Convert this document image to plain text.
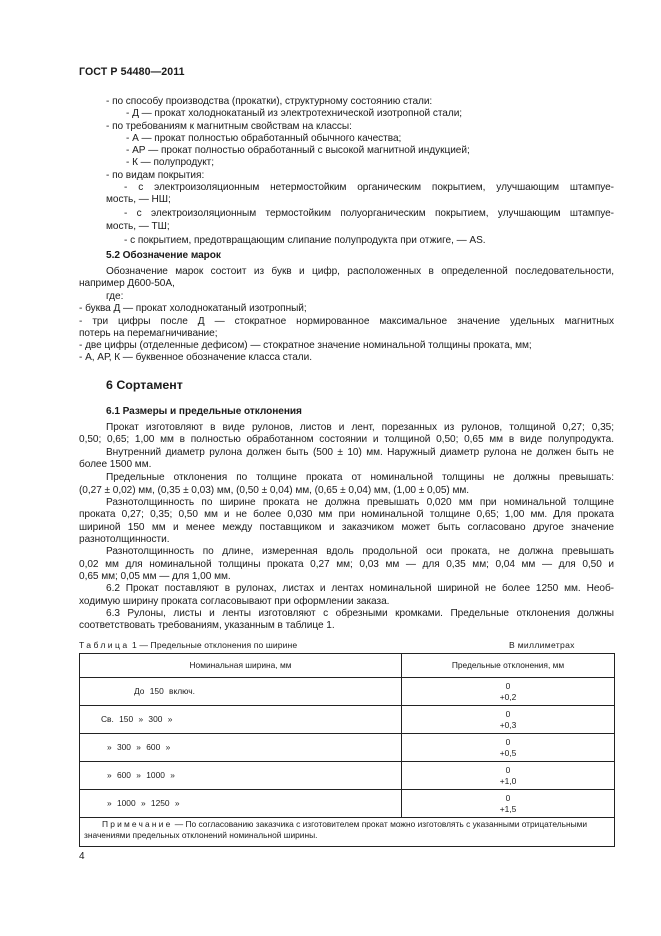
ГОСТ Р 54480—2011
- по способу производства (прокатки), структурному состоянию стали:
- Д — прокат холоднокатаный из электротехнической изотропной стали;
- по требованиям к магнитным свойствам на классы:
- А — прокат полностью обработанный обычного качества;
- АР — прокат полностью обработанный с высокой магнитной индукцией;
- К — полупродукт;
- по видам покрытия:
- с электроизоляционным нетермостойким органическим покрытием, улучшающим штампуе-
мость, — НШ;
- с электроизоляционным термостойким полуорганическим покрытием, улучшающим штампуе-
мость, — ТШ;
- с покрытием, предотвращающим слипание полупродукта при отжиге, — AS.
5.2 Обозначение марок
Обозначение марок состоит из букв и цифр, расположенных в определенной последовательности,
например Д600-50А,
где:
- буква Д — прокат холоднокатаный изотропный;
- три цифры после Д — стократное нормированное максимальное значение удельных магнитных
потерь на перемагничивание;
- две цифры (отделенные дефисом) — стократное значение номинальной толщины проката, мм;
- А, АР, К — буквенное обозначение класса стали.
6 Сортамент
6.1 Размеры и предельные отклонения
Прокат изготовляют в виде рулонов, листов и лент, порезанных из рулонов, толщиной 0,27; 0,35;
0,50; 0,65; 1,00 мм в полностью обработанном состоянии и толщиной 0,50; 0,65 мм в виде полупродукта.
Внутренний диаметр рулона должен быть (500 ± 10) мм. Наружный диаметр рулона не должен быть не
более 1500 мм.
Предельные отклонения по толщине проката от номинальной толщины не должны превышать:
(0,27 ± 0,02) мм, (0,35 ± 0,03) мм, (0,50 ± 0,04) мм, (0,65 ± 0,04) мм, (1,00 ± 0,05) мм.
Разнотолщинность по ширине проката не должна превышать 0,020 мм при номинальной толщине
проката 0,27; 0,35; 0,50 мм и не более 0,030 мм при номинальной толщине 0,65; 1,00 мм. Для проката
шириной 150 мм и менее между поставщиком и заказчиком может быть согласовано другое значение
разнотолщинности.
Разнотолщинность по длине, измеренная вдоль продольной оси проката, не должна превышать
0,02 мм для номинальной толщины проката 0,27 мм; 0,03 мм — для 0,35 мм; 0,04 мм — для 0,50 и
0,65 мм; 0,05 мм — для 1,00 мм.
6.2 Прокат поставляют в рулонах, листах и лентах номинальной шириной не более 1250 мм. Необ-
ходимую ширину проката согласовывают при оформлении заказа.
6.3 Рулоны, листы и ленты изготовляют с обрезными кромками. Предельные отклонения должны
соответствовать требованиям, указанным в таблице 1.
Таблица 1 — Предельные отклонения по ширине	В миллиметрах
Номинальная ширина, мм	Предельные отклонения, мм
До 150 включ.	0
+0,2

Св. 150 » 300 »	0
+0,3

» 300 » 600 »	0
+0,5

» 600 » 1000 »	0
+1,0

» 1000 » 1250 »	0
+1,5

Примечание — По согласованию заказчика с изготовителем прокат можно изготовлять с указанными отрицательными значениями предельных отклонений номинальной ширины.	
4
